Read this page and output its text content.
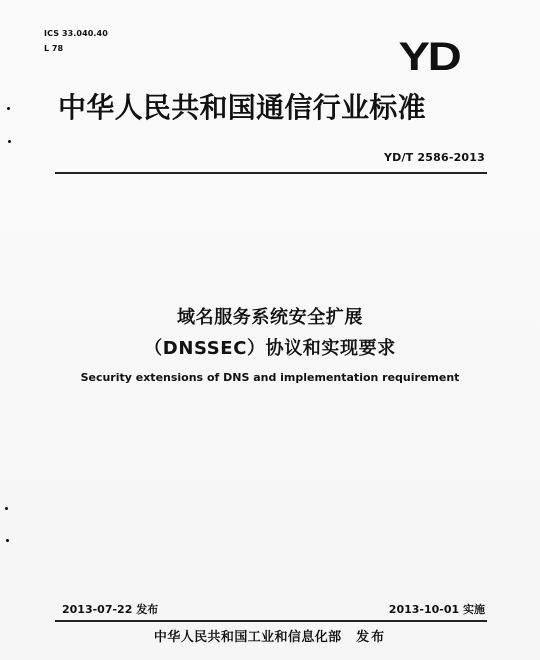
ICS 33.040.40
L 78	YD
中华人民共和国通信行业标准
YD/T 2586-2013
域名服务系统安全扩展
（DNSSEC）协议和实现要求
Security extensions of DNS and implementation requirement
2013-07-22 发布	2013-10-01 实施
中华人民共和国工业和信息化部 发布
